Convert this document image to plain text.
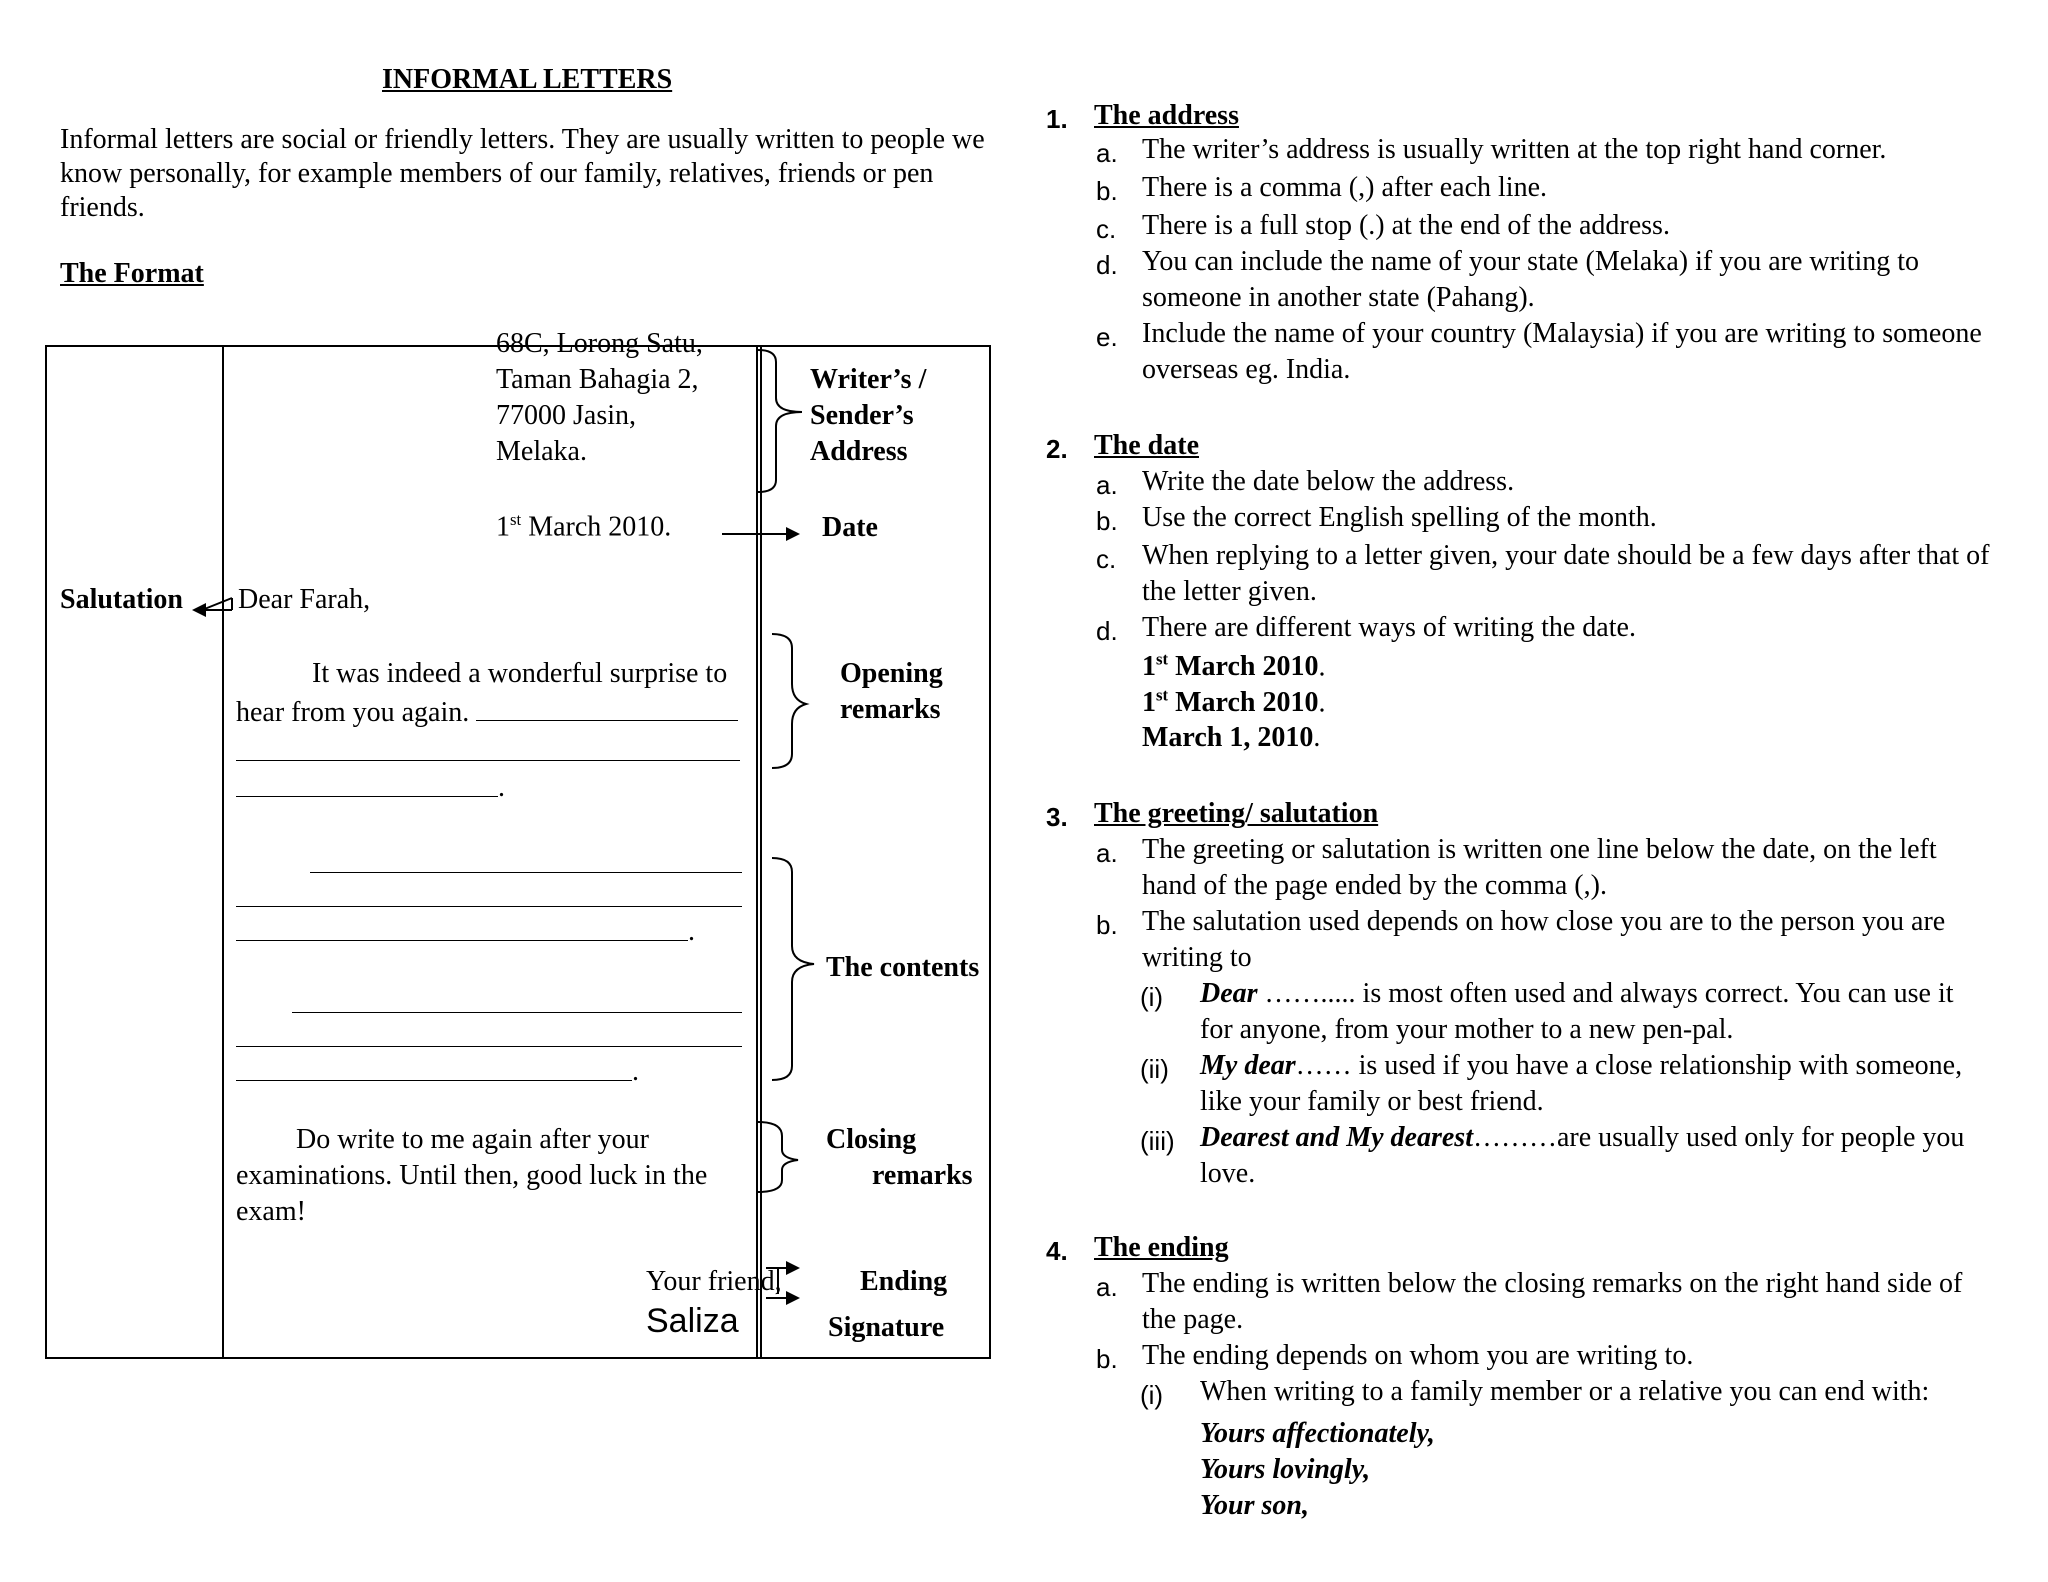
INFORMAL LETTERS
Informal letters are social or friendly letters. They are usually written to people we
know personally, for example members of our family, relatives, friends or pen
friends.
The Format
68C, Lorong Satu,
Taman Bahagia 2,
77000 Jasin,
Melaka.
1st March 2010.
Dear Farah,
It was indeed a wonderful surprise to
hear from you again.
.
.
.
Do write to me again after your
examinations. Until then, good luck in the
exam!
Your friend,
Saliza
Salutation
Writer’s /
Sender’s
Address
Date
Opening
remarks
The contents
Closing
remarks
Ending
Signature
1. The address
a. The writer’s address is usually written at the top right hand corner.
b. There is a comma (,) after each line.
c. There is a full stop (.) at the end of the address.
d. You can include the name of your state (Melaka) if you are writing to
someone in another state (Pahang).
e. Include the name of your country (Malaysia) if you are writing to someone
overseas eg. India.
2. The date
a. Write the date below the address.
b. Use the correct English spelling of the month.
c. When replying to a letter given, your date should be a few days after that of
the letter given.
d. There are different ways of writing the date.
1st March 2010.
1st March 2010.
March 1, 2010.
3. The greeting/ salutation
a. The greeting or salutation is written one line below the date, on the left
hand of the page ended by the comma (,).
b. The salutation used depends on how close you are to the person you are
writing to
(i) Dear ……..... is most often used and always correct. You can use it
for anyone, from your mother to a new pen-pal.
(ii) My dear…… is used if you have a close relationship with someone,
like your family or best friend.
(iii) Dearest and My dearest………are usually used only for people you
love.
4. The ending
a. The ending is written below the closing remarks on the right hand side of
the page.
b. The ending depends on whom you are writing to.
(i) When writing to a family member or a relative you can end with:
Yours affectionately,
Yours lovingly,
Your son,
